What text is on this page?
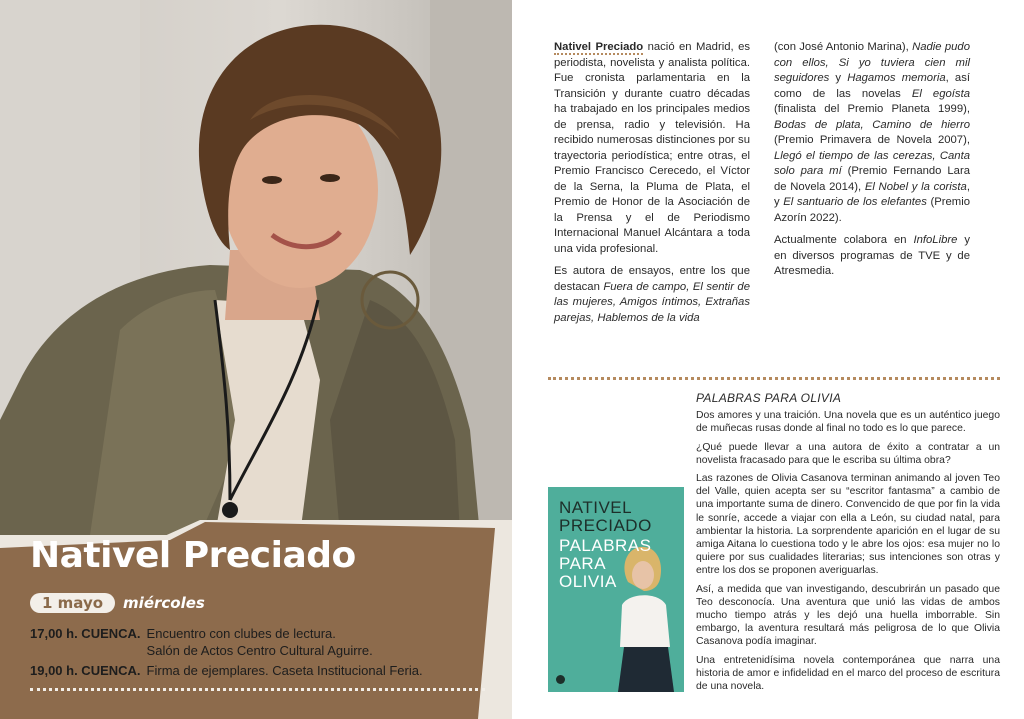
Nativel Preciado
1 mayo	miércoles
17,00 h. CUENCA. Encuentro con clubes de lectura.
Salón de Actos Centro Cultural Aguirre.
19,00 h. CUENCA. Firma de ejemplares. Caseta Institucional Feria.

Nativel Preciado nació en Madrid, es periodista, novelista y analista política. Fue cronista parlamentaria en la Transición y durante cuatro décadas ha trabajado en los principales medios de prensa, radio y televisión. Ha recibido numerosas distinciones por su trayectoria periodística; entre otras, el Premio Francisco Cerecedo, el Víctor de la Serna, la Pluma de Plata, el Premio de Honor de la Asociación de la Prensa y el de Periodismo Internacional Manuel Alcántara a toda una vida profesional.

Es autora de ensayos, entre los que destacan Fuera de campo, El sentir de las mujeres, Amigos íntimos, Extrañas parejas, Hablemos de la vida

(con José Antonio Marina), Nadie pudo con ellos, Si yo tuviera cien mil seguidores y Hagamos memoria, así como de las novelas El egoísta (finalista del Premio Planeta 1999), Bodas de plata, Camino de hierro (Premio Primavera de Novela 2007), Llegó el tiempo de las cerezas, Canta solo para mí (Premio Fernando Lara de Novela 2014), El Nobel y la corista, y El santuario de los elefantes (Premio Azorín 2022).

Actualmente colabora en InfoLibre y en diversos programas de TVE y de Atresmedia.

NATIVEL
PRECIADO

PALABRAS
PARA
OLIVIA

PALABRAS PARA OLIVIA

Dos amores y una traición. Una novela que es un auténtico juego de muñecas rusas donde al final no todo es lo que parece.

¿Qué puede llevar a una autora de éxito a contratar a un novelista fracasado para que le escriba su última obra?

Las razones de Olivia Casanova terminan animando al joven Teo del Valle, quien acepta ser su “escritor fantasma” a cambio de una importante suma de dinero. Convencido de que por fin la vida le sonríe, accede a viajar con ella a León, su ciudad natal, para ambientar la historia. La sorprendente aparición en el lugar de su amiga Aitana lo cuestiona todo y le abre los ojos: esa mujer no lo quiere por sus cualidades literarias; sus intenciones son otras y entre los dos se proponen averiguarlas.

Así, a medida que van investigando, descubrirán un pasado que Teo desconocía. Una aventura que unió las vidas de ambos mucho tiempo atrás y les dejó una huella imborrable. Sin embargo, la aventura resultará más peligrosa de lo que Olivia Casanova podía imaginar.

Una entretenidísima novela contemporánea que narra una historia de amor e infidelidad en el marco del proceso de escritura de una novela.
